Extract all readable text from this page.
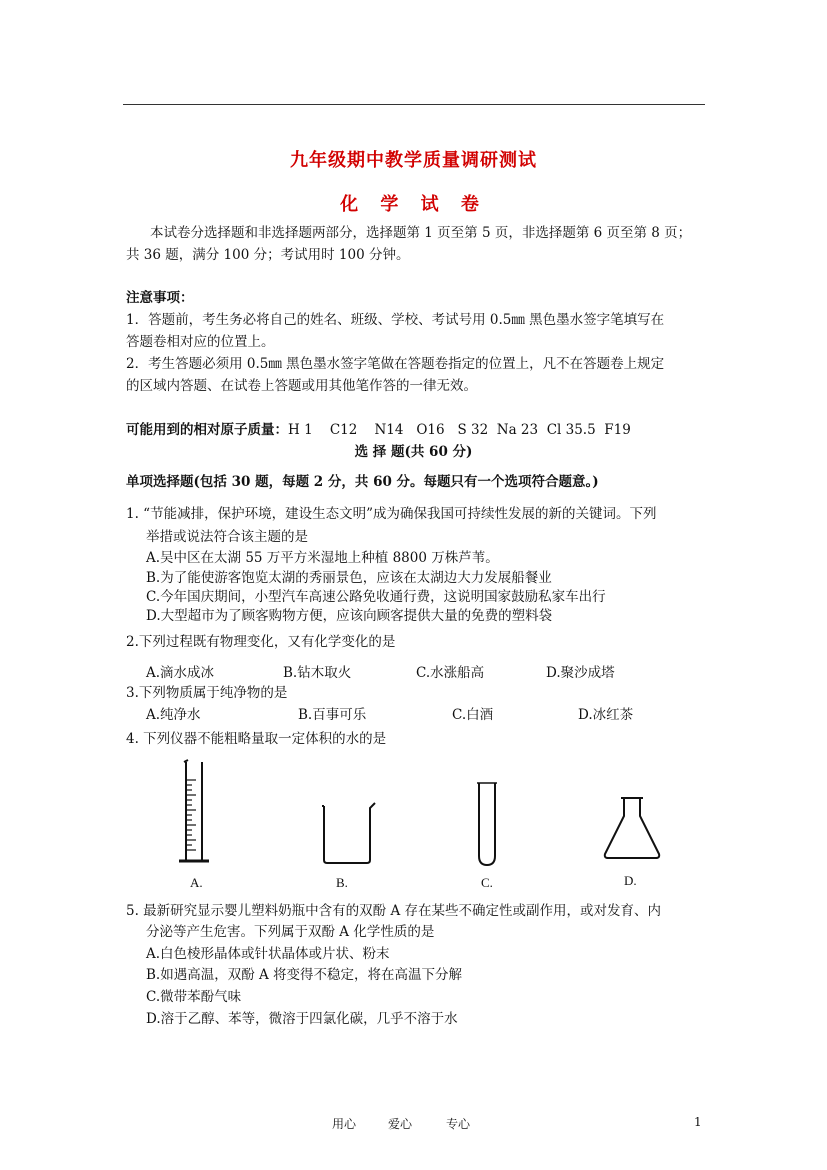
九年级期中教学质量调研测试
化 学 试 卷
本试卷分选择题和非选择题两部分，选择题第 1 页至第 5 页，非选择题第 6 页至第 8 页；
共 36 题，满分 100 分；考试用时 100 分钟。
注意事项：
1．答题前，考生务必将自己的姓名、班级、学校、考试号用 0.5㎜ 黑色墨水签字笔填写在
答题卷相对应的位置上。
2．考生答题必须用 0.5㎜ 黑色墨水签字笔做在答题卷指定的位置上，凡不在答题卷上规定
的区域内答题、在试卷上答题或用其他笔作答的一律无效。
可能用到的相对原子质量：H 1    C12    N14   O16   S 32  Na 23  Cl 35.5  F19
选 择 题(共 60 分)
单项选择题(包括 30 题，每题 2 分，共 60 分。每题只有一个选项符合题意。)
1. “节能减排，保护环境，建设生态文明”成为确保我国可持续性发展的新的关键词。下列
举措或说法符合该主题的是
A.吴中区在太湖 55 万平方米湿地上种植 8800 万株芦苇。
B.为了能使游客饱览太湖的秀丽景色，应该在太湖边大力发展船餐业
C.今年国庆期间，小型汽车高速公路免收通行费，这说明国家鼓励私家车出行
D.大型超市为了顾客购物方便，应该向顾客提供大量的免费的塑料袋
2.下列过程既有物理变化，又有化学变化的是
A.滴水成冰	B.钻木取火	C.水涨船高	D.聚沙成塔
3.下列物质属于纯净物的是
A.纯净水	B.百事可乐	C.白酒	D.冰红茶
4. 下列仪器不能粗略量取一定体积的水的是
A.	B.	C.	D.
5. 最新研究显示婴儿塑料奶瓶中含有的双酚 A 存在某些不确定性或副作用，或对发育、内
分泌等产生危害。下列属于双酚 A 化学性质的是
A.白色棱形晶体或针状晶体或片状、粉末
B.如遇高温，双酚 A 将变得不稳定，将在高温下分解
C.微带苯酚气味
D.溶于乙醇、苯等，微溶于四氯化碳，几乎不溶于水
用心	爱心	专心	1
